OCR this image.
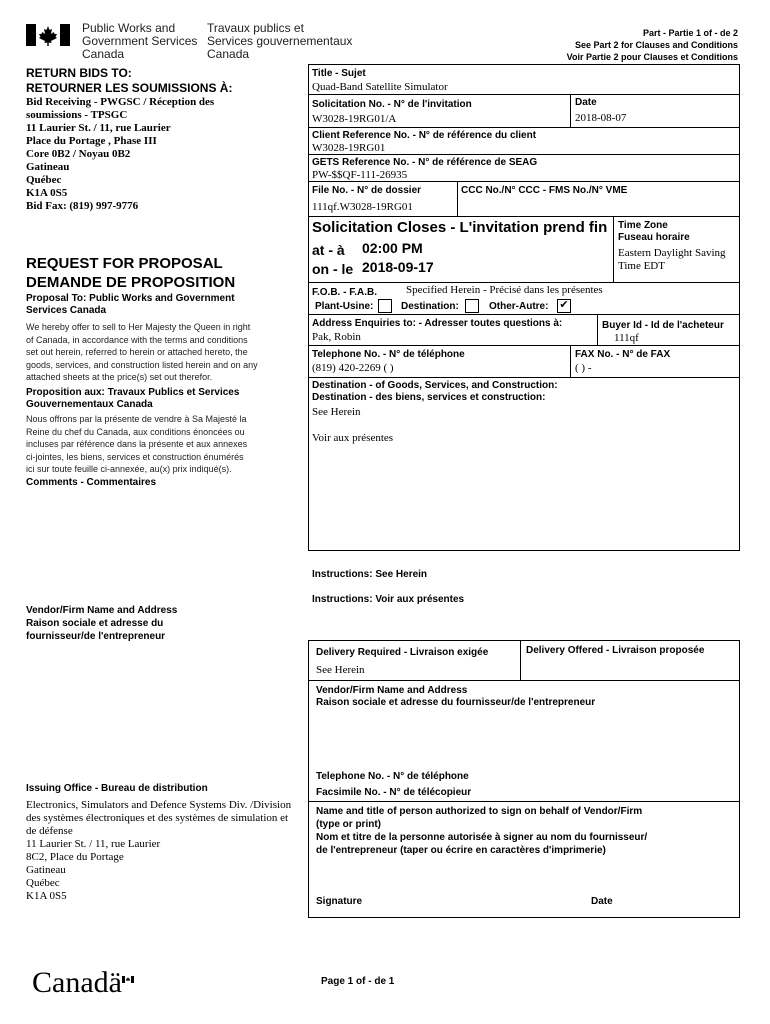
Public Works and
Government Services
Canada
Travaux publics et
Services gouvernementaux
Canada
Part - Partie 1 of - de 2
See Part 2 for Clauses and Conditions
Voir Partie 2 pour Clauses et Conditions
RETURN BIDS TO:
RETOURNER LES SOUMISSIONS À:
Bid Receiving - PWGSC / Réception des
soumissions - TPSGC
11 Laurier St. / 11, rue Laurier
Place du Portage , Phase III
Core 0B2 / Noyau 0B2
Gatineau
Québec
K1A 0S5
Bid Fax: (819) 997-9776
REQUEST FOR PROPOSAL
DEMANDE DE PROPOSITION
Proposal To: Public Works and Government
Services Canada
We hereby offer to sell to Her Majesty the Queen in right
of Canada, in accordance with the terms and conditions
set out herein, referred to herein or attached hereto, the
goods, services, and construction listed herein and on any
attached sheets at the price(s) set out therefor.
Proposition aux: Travaux Publics et Services
Gouvernementaux Canada
Nous offrons par la présente de vendre à Sa Majesté la
Reine du chef du Canada, aux conditions énoncées ou
incluses par référence dans la présente et aux annexes
ci-jointes, les biens, services et construction énumérés
ici sur toute feuille ci-annexée, au(x) prix indiqué(s).
Comments - Commentaires
Title - Sujet
Quad-Band Satellite Simulator
Solicitation No. - N° de l'invitation
W3028-19RG01/A
Date
2018-08-07
Client Reference No. - N° de référence du client
W3028-19RG01
GETS Reference No. - N° de référence de SEAG
PW-$$QF-111-26935
File No. - N° de dossier
111qf.W3028-19RG01
CCC No./N° CCC - FMS No./N° VME
Solicitation Closes - L'invitation prend fin
at - à 02:00 PM
on - le 2018-09-17
Time Zone
Fuseau horaire
Eastern Daylight Saving
Time EDT
F.O.B. - F.A.B.	Specified Herein - Précisé dans les présentes
Plant-Usine:	Destination:	Other-Autre: ✔
Address Enquiries to: - Adresser toutes questions à:
Pak, Robin
Buyer Id - Id de l'acheteur
111qf
Telephone No. - N° de téléphone
(819) 420-2269 ( )
FAX No. - N° de FAX
( ) -
Destination - of Goods, Services, and Construction:
Destination - des biens, services et construction:
See Herein
Voir aux présentes
Instructions: See Herein
Instructions: Voir aux présentes
Vendor/Firm Name and Address
Raison sociale et adresse du
fournisseur/de l'entrepreneur
Delivery Required - Livraison exigée
See Herein
Delivery Offered - Livraison proposée
Vendor/Firm Name and Address
Raison sociale et adresse du fournisseur/de l'entrepreneur
Telephone No. - N° de téléphone
Facsimile No. - N° de télécopieur
Name and title of person authorized to sign on behalf of Vendor/Firm
(type or print)
Nom et titre de la personne autorisée à signer au nom du fournisseur/
de l'entrepreneur (taper ou écrire en caractères d'imprimerie)
Signature	Date
Issuing Office - Bureau de distribution
Electronics, Simulators and Defence Systems Div. /Division
des systèmes électroniques et des systèmes de simulation et
de défense
11 Laurier St. / 11, rue Laurier
8C2, Place du Portage
Gatineau
Québec
K1A 0S5
Canadä	Page 1 of - de 1
